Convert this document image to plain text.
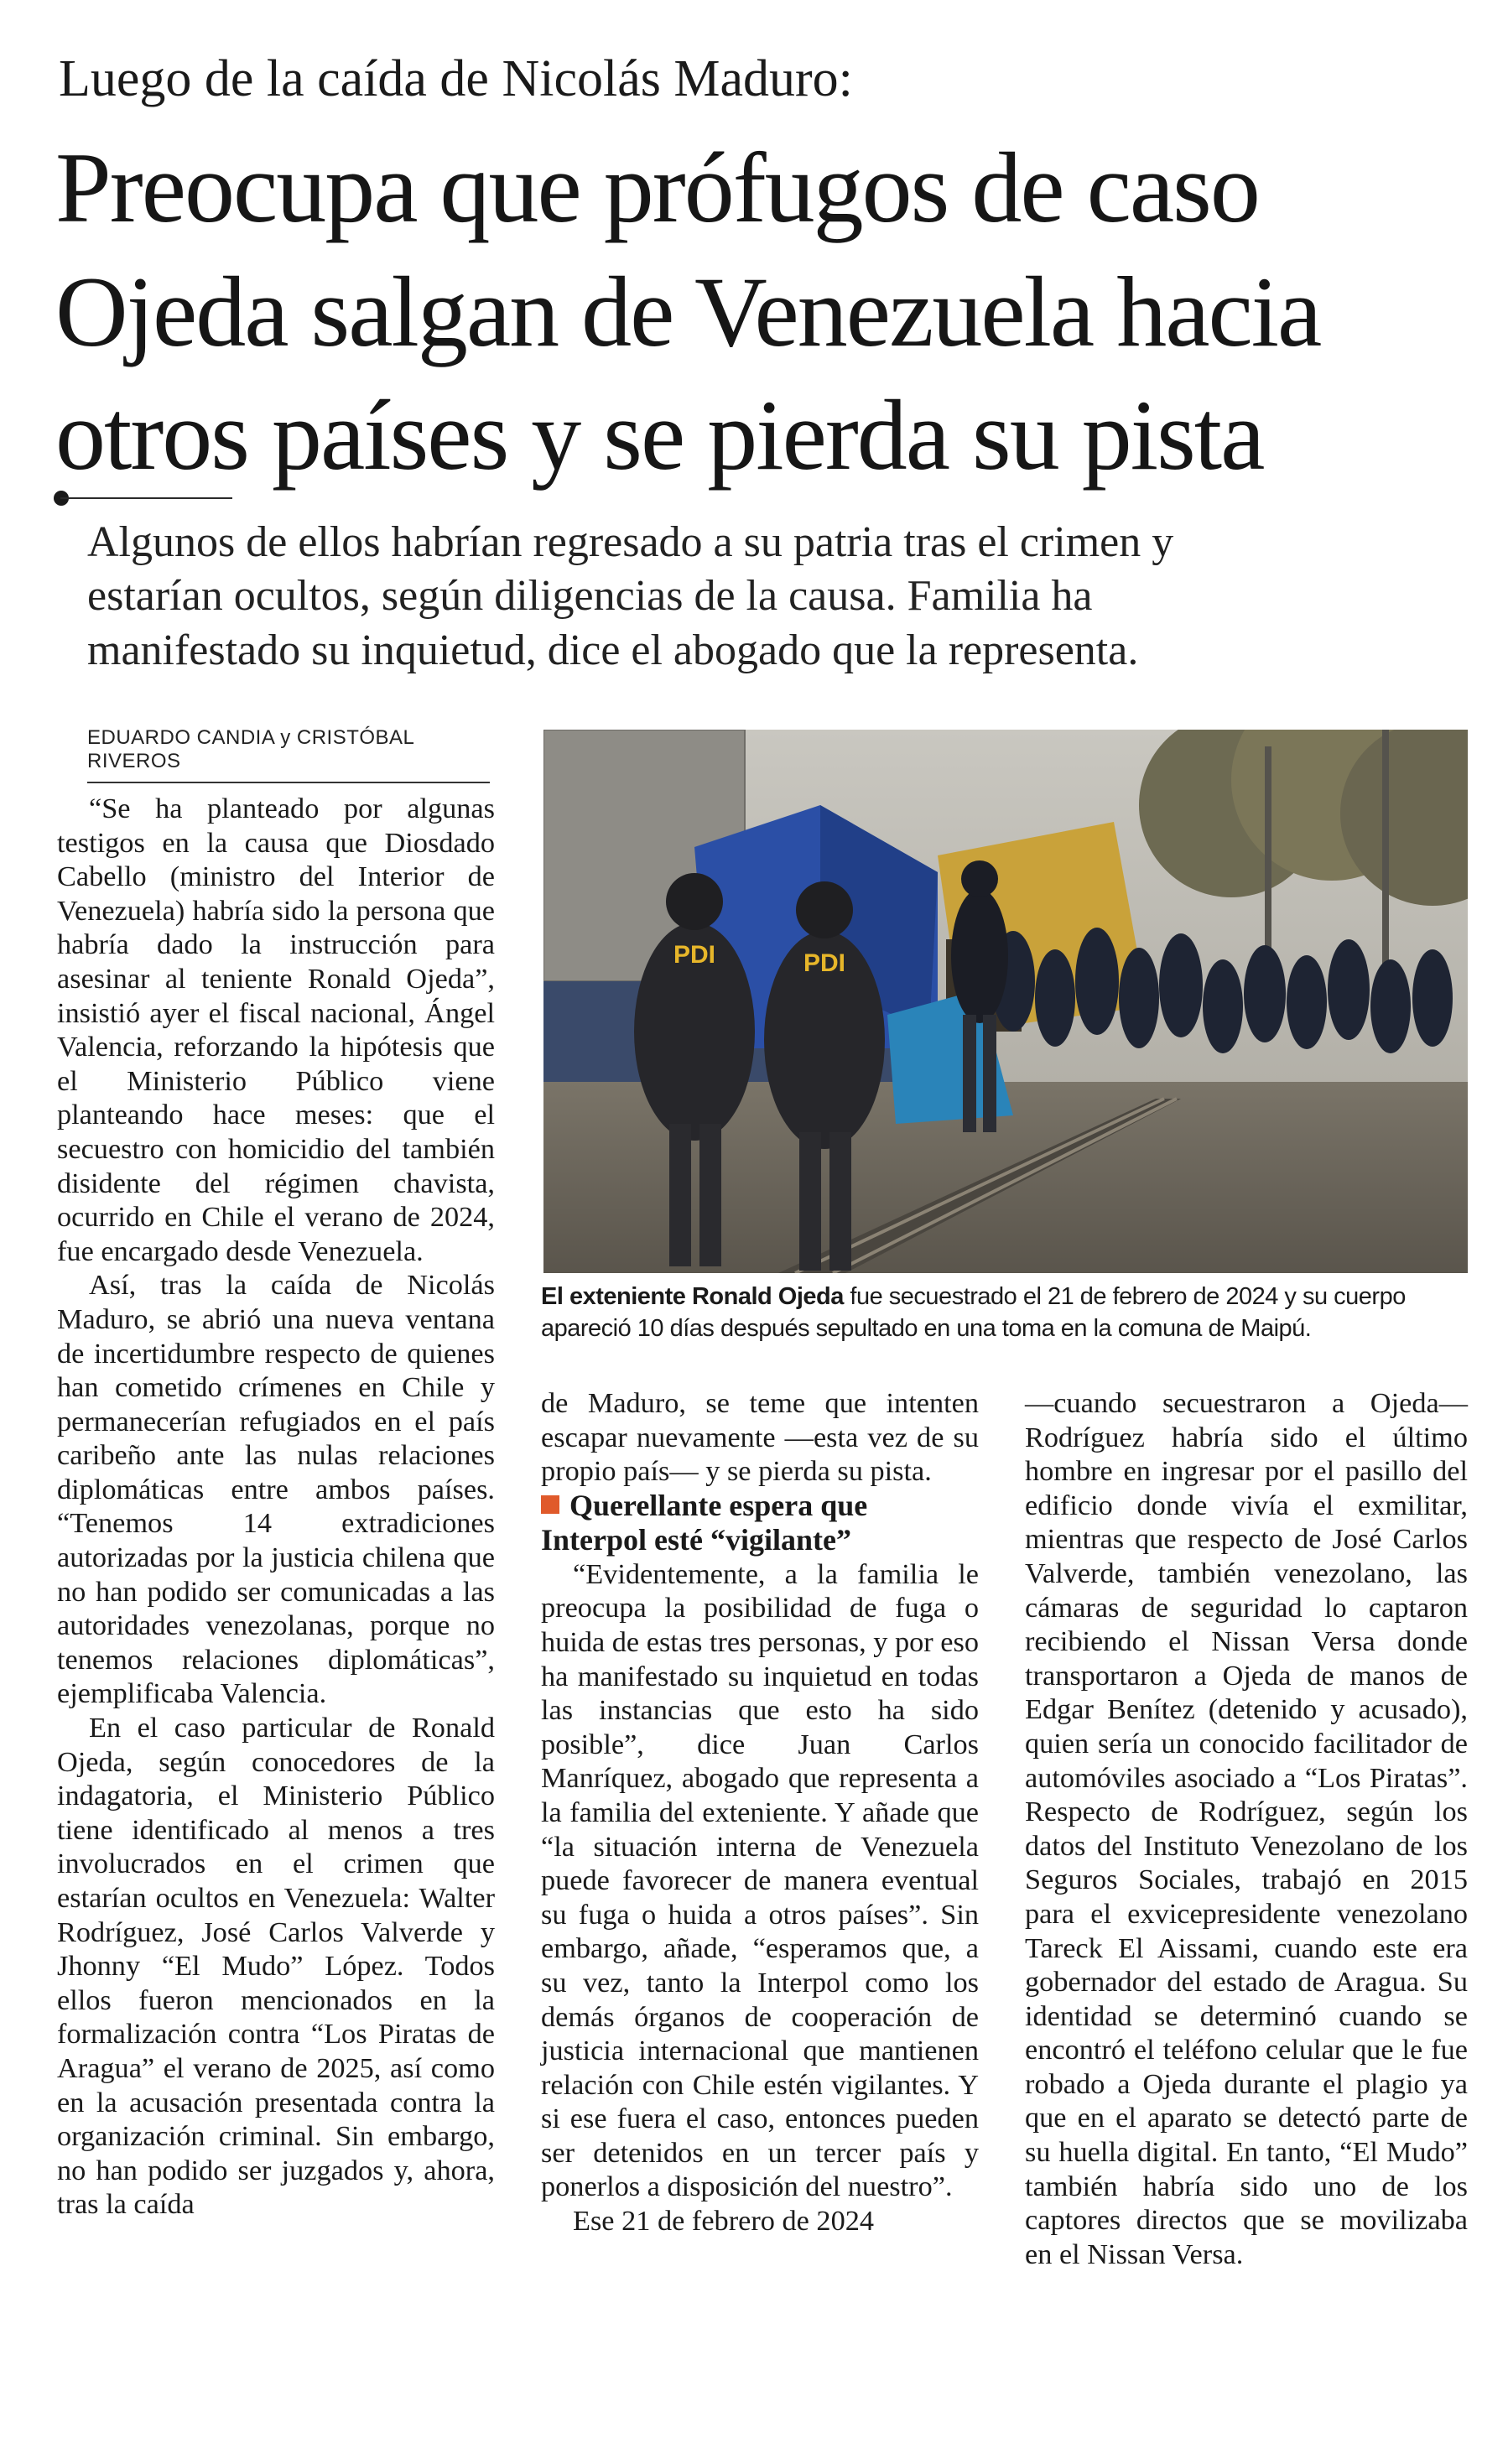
Luego de la caída de Nicolás Maduro:
Preocupa que prófugos de caso
Ojeda salgan de Venezuela hacia
otros países y se pierda su pista
Algunos de ellos habrían regresado a su patria tras el crimen y
estarían ocultos, según diligencias de la causa. Familia ha
manifestado su inquietud, dice el abogado que la representa.
EDUARDO CANDIA y CRISTÓBAL RIVEROS
PDI	PDI
El exteniente Ronald Ojeda fue secuestrado el 21 de febrero de 2024 y su cuerpo apareció 10 días después sepultado en una toma en la comuna de Maipú.

“Se ha planteado por algunas testigos en la causa que Diosdado Cabello (ministro del Interior de Venezuela) habría sido la persona que habría dado la instrucción para asesinar al teniente Ronald Ojeda”, insistió ayer el fiscal nacional, Ángel Valencia, reforzando la hipótesis que el Ministerio Público viene planteando hace meses: que el secuestro con homicidio del también disidente del régimen chavista, ocurrido en Chile el verano de 2024, fue encargado desde Venezuela.

Así, tras la caída de Nicolás Maduro, se abrió una nueva ventana de incertidumbre respecto de quienes han cometido crímenes en Chile y permanecerían refugiados en el país caribeño ante las nulas relaciones diplomáticas entre ambos países. “Tenemos 14 extradiciones autorizadas por la justicia chilena que no han podido ser comunicadas a las autoridades venezolanas, porque no tenemos relaciones diplomáticas”, ejemplificaba Valencia.

En el caso particular de Ronald Ojeda, según conocedores de la indagatoria, el Ministerio Público tiene identificado al menos a tres involucrados en el crimen que estarían ocultos en Venezuela: Walter Rodríguez, José Carlos Valverde y Jhonny “El Mudo” López. Todos ellos fueron mencionados en la formalización contra “Los Piratas de Aragua” el verano de 2025, así como en la acusación presentada contra la organización criminal. Sin embargo, no han podido ser juzgados y, ahora, tras la caída

de Maduro, se teme que intenten escapar nuevamente —esta vez de su propio país— y se pierda su pista.

Querellante espera que Interpol esté “vigilante”

“Evidentemente, a la familia le preocupa la posibilidad de fuga o huida de estas tres personas, y por eso ha manifestado su inquietud en todas las instancias que esto ha sido posible”, dice Juan Carlos Manríquez, abogado que representa a la familia del exteniente. Y añade que “la situación interna de Venezuela puede favorecer de manera eventual su fuga o huida a otros países”. Sin embargo, añade, “esperamos que, a su vez, tanto la Interpol como los demás órganos de cooperación de justicia internacional que mantienen relación con Chile estén vigilantes. Y si ese fuera el caso, entonces pueden ser detenidos en un tercer país y ponerlos a disposición del nuestro”.

Ese 21 de febrero de 2024

—cuando secuestraron a Ojeda— Rodríguez habría sido el último hombre en ingresar por el pasillo del edificio donde vivía el exmilitar, mientras que respecto de José Carlos Valverde, también venezolano, las cámaras de seguridad lo captaron recibiendo el Nissan Versa donde transportaron a Ojeda de manos de Edgar Benítez (detenido y acusado), quien sería un conocido facilitador de automóviles asociado a “Los Piratas”. Respecto de Rodríguez, según los datos del Instituto Venezolano de los Seguros Sociales, trabajó en 2015 para el exvicepresidente venezolano Tareck El Aissami, cuando este era gobernador del estado de Aragua. Su identidad se determinó cuando se encontró el teléfono celular que le fue robado a Ojeda durante el plagio ya que en el aparato se detectó parte de su huella digital. En tanto, “El Mudo” también habría sido uno de los captores directos que se movilizaba en el Nissan Versa.
